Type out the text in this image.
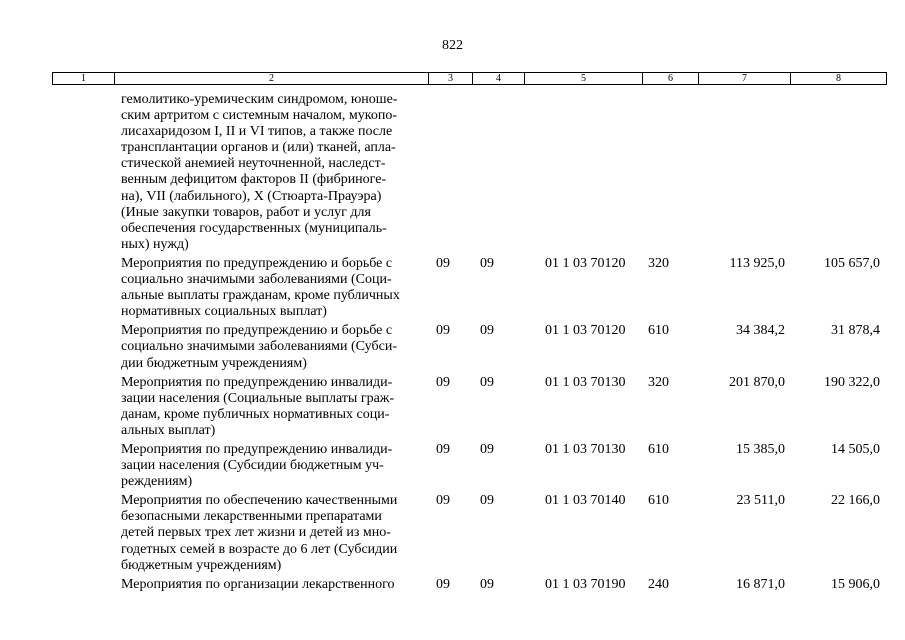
822
1	2	3	4	5	6	7	8
гемолитико-уремическим синдромом, юноше-
ским артритом с системным началом, мукопо-
лисахаридозом I, II и VI типов, а также после
трансплантации органов и (или) тканей, апла-
стической анемией неуточненной, наследст-
венным дефицитом факторов II (фибриноге-
на), VII (лабильного), X (Стюарта-Прауэра)
(Иные закупки товаров, работ и услуг для
обеспечения государственных (муниципаль-
ных) нужд)
Мероприятия по предупреждению и борьбе с
социально значимыми заболеваниями (Соци-
альные выплаты гражданам, кроме публичных
нормативных социальных выплат)
09 09	01 1 03 70120 320	113 925,0	105 657,0
Мероприятия по предупреждению и борьбе с
социально значимыми заболеваниями (Субси-
дии бюджетным учреждениям)
09 09	01 1 03 70120 610	34 384,2	31 878,4
Мероприятия по предупреждению инвалиди-
зации населения (Социальные выплаты граж-
данам, кроме публичных нормативных соци-
альных выплат)
09 09	01 1 03 70130 320	201 870,0	190 322,0
Мероприятия по предупреждению инвалиди-
зации населения (Субсидии бюджетным уч-
реждениям)
09 09	01 1 03 70130 610	15 385,0	14 505,0
Мероприятия по обеспечению качественными
безопасными лекарственными препаратами
детей первых трех лет жизни и детей из мно-
годетных семей в возрасте до 6 лет (Субсидии
бюджетным учреждениям)
09 09	01 1 03 70140 610	23 511,0	22 166,0
Мероприятия по организации лекарственного	09 09	01 1 03 70190 240	16 871,0	15 906,0
